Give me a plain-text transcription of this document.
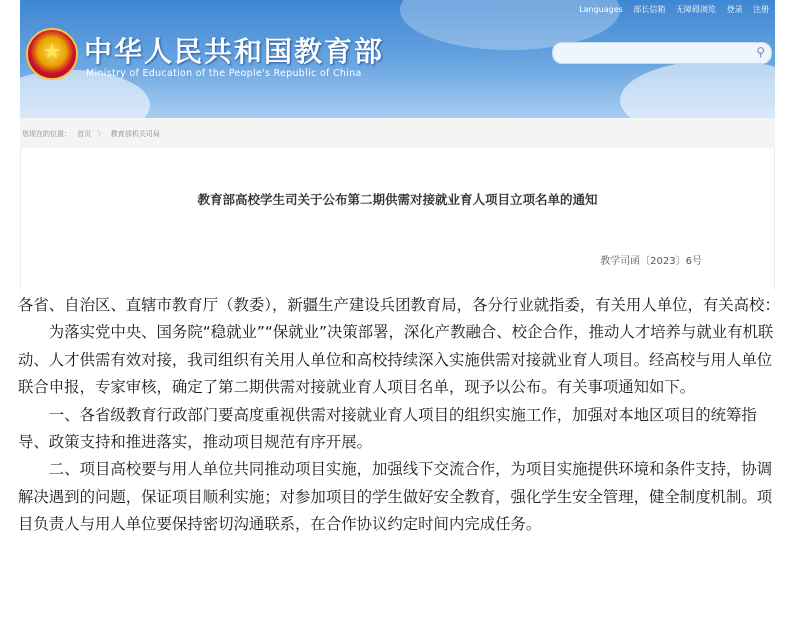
★ 中华人民共和国教育部
Ministry of Education of the People's Republic of China
Languages 部长信箱 无障碍浏览 登录 注册
⚲
您现在的位置： 首页 〉 教育部机关司局
教育部高校学生司关于公布第二期供需对接就业育人项目立项名单的通知
教学司函〔2023〕6号

各省、自治区、直辖市教育厅（教委），新疆生产建设兵团教育局，各分行业就指委，有关用人单位，有关高校：

为落实党中央、国务院“稳就业”“保就业”决策部署，深化产教融合、校企合作，推动人才培养与就业有机联动、人才供需有效对接，我司组织有关用人单位和高校持续深入实施供需对接就业育人项目。经高校与用人单位联合申报，专家审核，确定了第二期供需对接就业育人项目名单，现予以公布。有关事项通知如下。

一、各省级教育行政部门要高度重视供需对接就业育人项目的组织实施工作，加强对本地区项目的统筹指导、政策支持和推进落实，推动项目规范有序开展。

二、项目高校要与用人单位共同推动项目实施，加强线下交流合作，为项目实施提供环境和条件支持，协调解决遇到的问题，保证项目顺利实施；对参加项目的学生做好安全教育，强化学生安全管理，健全制度机制。项目负责人与用人单位要保持密切沟通联系，在合作协议约定时间内完成任务。
